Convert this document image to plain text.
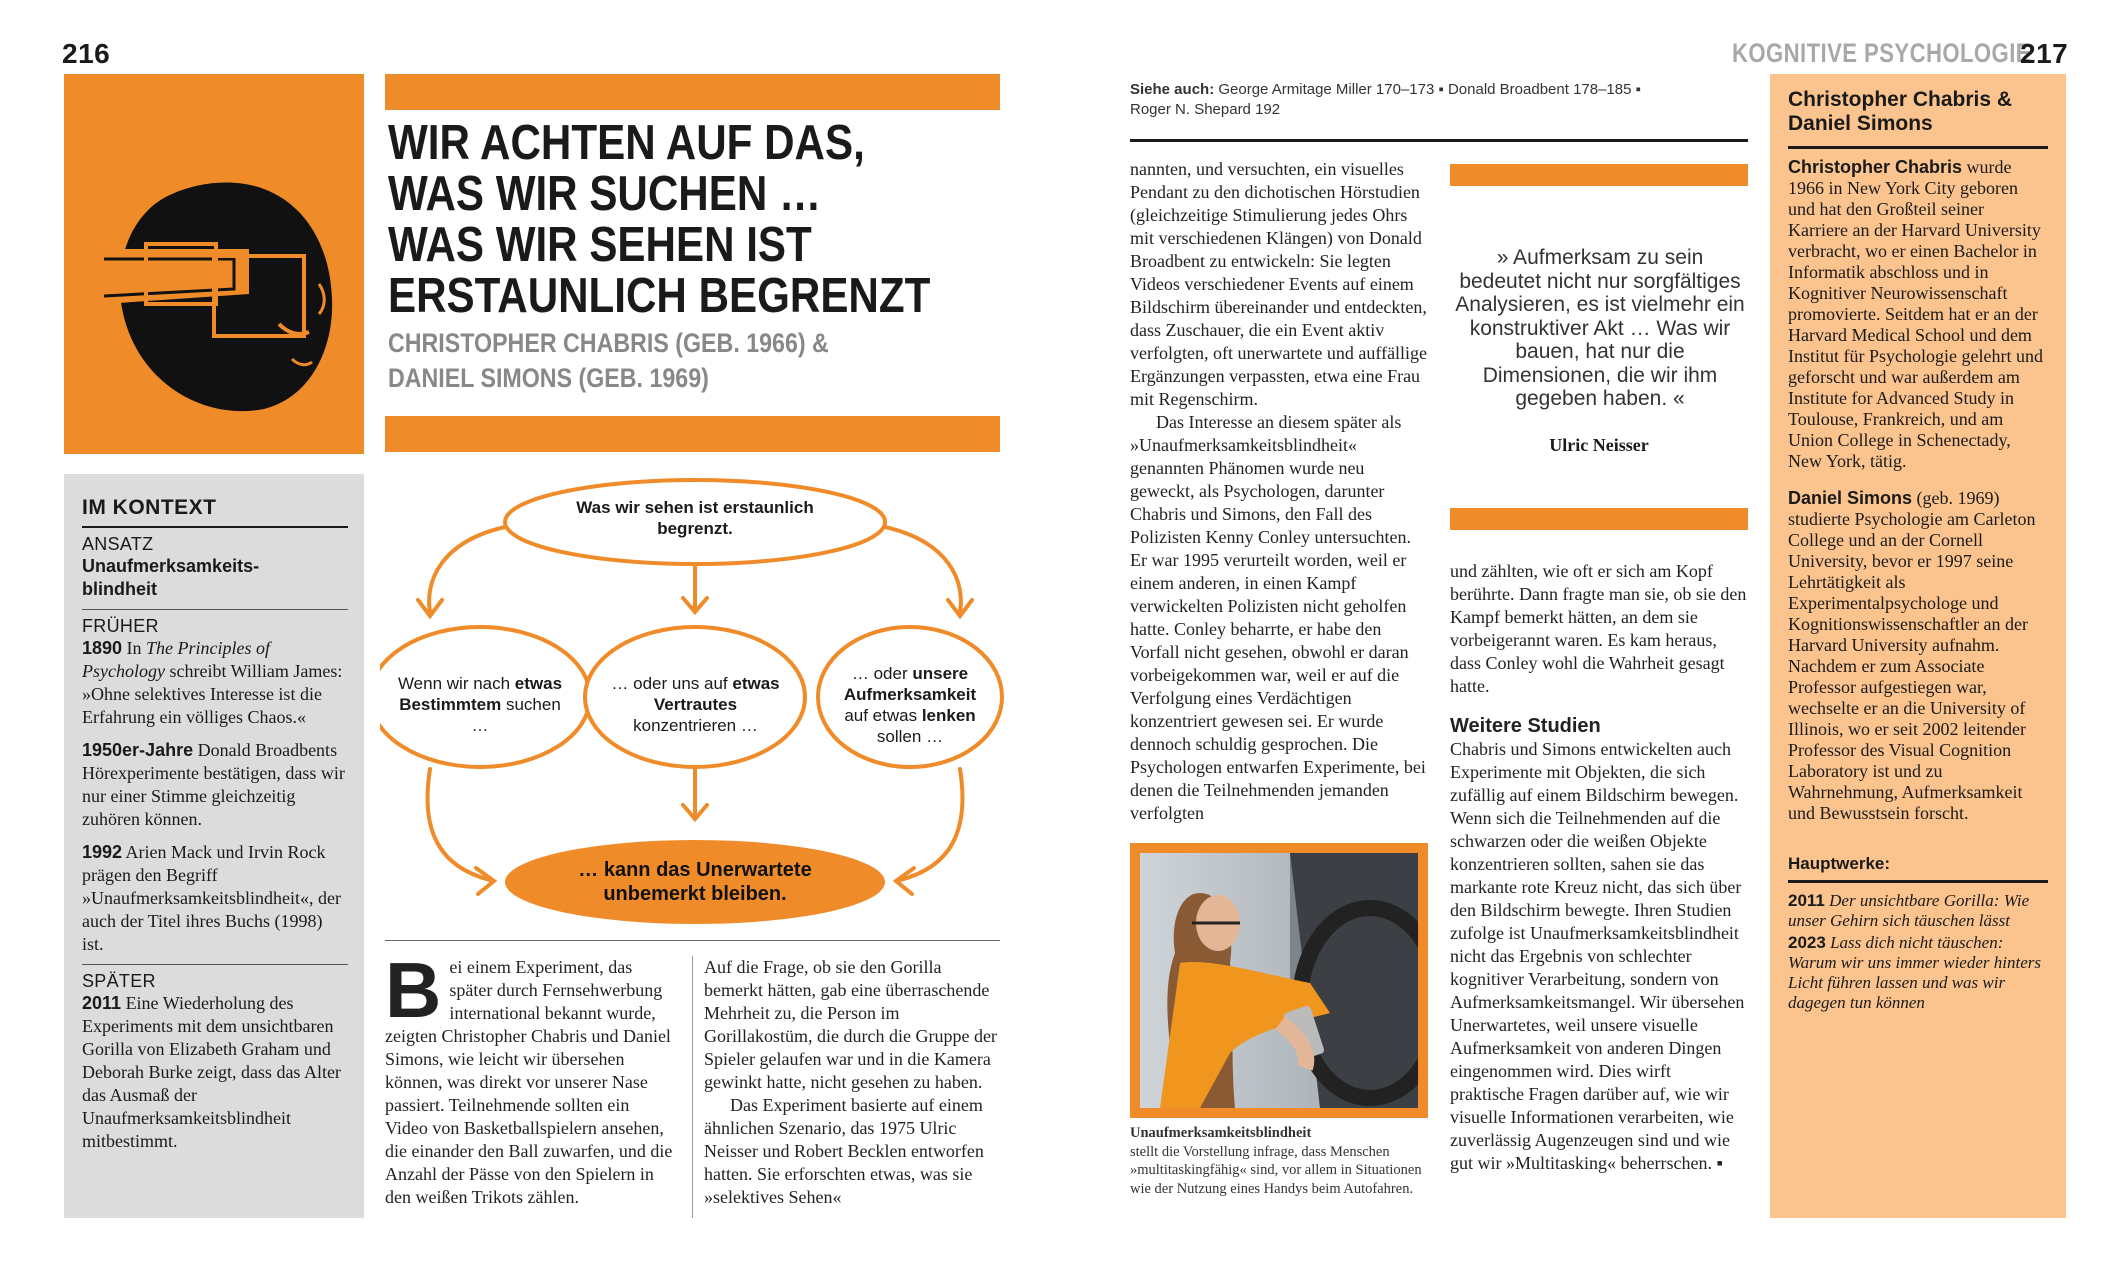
216
WIR ACHTEN AUF DAS,
WAS WIR SUCHEN …
WAS WIR SEHEN IST
ERSTAUNLICH BEGRENZT
CHRISTOPHER CHABRIS (GEB. 1966) &
DANIEL SIMONS (GEB. 1969)
IM KONTEXT
ANSATZ
Unaufmerksamkeits-
blindheit
FRÜHER
1890 In The Principles of Psychology schreibt William James: »Ohne selektives Interesse ist die Erfahrung ein völliges Chaos.«
1950er-Jahre Donald Broadbents Hörexperimente bestätigen, dass wir nur einer Stimme gleichzeitig zuhören können.
1992 Arien Mack und Irvin Rock prägen den Begriff »Unaufmerksamkeitsblindheit«, der auch der Titel ihres Buchs (1998) ist.
SPÄTER
2011 Eine Wiederholung des Experiments mit dem unsichtbaren Gorilla von Elizabeth Graham und Deborah Burke zeigt, dass das Alter das Ausmaß der Unaufmerksamkeitsblindheit mitbestimmt.
Was wir sehen ist erstaunlich begrenzt.
Wenn wir nach etwas Bestimmtem suchen …
… oder uns auf etwas Vertrautes konzentrieren …
… oder unsere Aufmerksamkeit auf etwas lenken sollen …
… kann das Unerwartete unbemerkt bleiben.
B ei einem Experiment, das später durch Fernsehwerbung international bekannt wurde, zeigten Christopher Chabris und Daniel Simons, wie leicht wir übersehen können, was direkt vor unserer Nase passiert. Teilnehmende sollten ein Video von Basketballspielern ansehen, die einander den Ball zuwarfen, und die Anzahl der Pässe von den Spielern in den weißen Trikots zählen.

Auf die Frage, ob sie den Gorilla bemerkt hätten, gab eine überraschende Mehrheit zu, die Person im Gorillakostüm, die durch die Gruppe der Spieler gelaufen war und in die Kamera gewinkt hatte, nicht gesehen zu haben.

Das Experiment basierte auf einem ähnlichen Szenario, das 1975 Ulric Neisser und Robert Becklen entworfen hatten. Sie erforschten etwas, was sie »selektives Sehen«

KOGNITIVE PSYCHOLOGIE
217
Siehe auch: George Armitage Miller 170–173 ▪ Donald Broadbent 178–185 ▪
Roger N. Shepard 192

nannten, und versuchten, ein visuelles Pendant zu den dichotischen Hörstudien (gleichzeitige Stimulierung jedes Ohrs mit verschiedenen Klängen) von Donald Broadbent zu entwickeln: Sie legten Videos verschiedener Events auf einem Bildschirm übereinander und entdeckten, dass Zuschauer, die ein Event aktiv verfolgten, oft unerwartete und auffällige Ergänzungen verpassten, etwa eine Frau mit Regenschirm.

Das Interesse an diesem später als »Unaufmerksamkeitsblindheit« genannten Phänomen wurde neu geweckt, als Psychologen, darunter Chabris und Simons, den Fall des Polizisten Kenny Conley untersuchten. Er war 1995 verurteilt worden, weil er einem anderen, in einen Kampf verwickelten Polizisten nicht geholfen hatte. Conley beharrte, er habe den Vorfall nicht gesehen, obwohl er daran vorbeigekommen war, weil er auf die Verfolgung eines Verdächtigen konzentriert gewesen sei. Er wurde dennoch schuldig gesprochen. Die Psychologen entwarfen Experimente, bei denen die Teilnehmenden jemanden verfolgten

» Aufmerksam zu sein bedeutet nicht nur sorgfältiges Analysieren, es ist vielmehr ein konstruktiver Akt … Was wir bauen, hat nur die Dimensionen, die wir ihm gegeben haben. «
Ulric Neisser
Unaufmerksamkeitsblindheit
stellt die Vorstellung infrage, dass Menschen »multitaskingfähig« sind, vor allem in Situationen wie der Nutzung eines Handys beim Autofahren.

und zählten, wie oft er sich am Kopf berührte. Dann fragte man sie, ob sie den Kampf bemerkt hätten, an dem sie vorbeigerannt waren. Es kam heraus, dass Conley wohl die Wahrheit gesagt hatte.

Weitere Studien

Chabris und Simons entwickelten auch Experimente mit Objekten, die sich zufällig auf einem Bildschirm bewegen. Wenn sich die Teilnehmenden auf die schwarzen oder die weißen Objekte konzentrieren sollten, sahen sie das markante rote Kreuz nicht, das sich über den Bildschirm bewegte. Ihren Studien zufolge ist Unaufmerksamkeitsblindheit nicht das Ergebnis von schlechter kognitiver Verarbeitung, sondern von Aufmerksamkeitsmangel. Wir übersehen Unerwartetes, weil unsere visuelle Aufmerksamkeit von anderen Dingen eingenommen wird. Dies wirft praktische Fragen darüber auf, wie wir visuelle Informationen verarbeiten, wie zuverlässig Augenzeugen sind und wie gut wir »Multitasking« beherrschen. ▪

Christopher Chabris & Daniel Simons
Christopher Chabris wurde 1966 in New York City geboren und hat den Großteil seiner Karriere an der Harvard University verbracht, wo er einen Bachelor in Informatik abschloss und in Kognitiver Neurowissenschaft promovierte. Seitdem hat er an der Harvard Medical School und dem Institut für Psychologie gelehrt und geforscht und war außerdem am Institute for Advanced Study in Toulouse, Frankreich, und am Union College in Schenectady, New York, tätig.
Daniel Simons (geb. 1969) studierte Psychologie am Carleton College und an der Cornell University, bevor er 1997 seine Lehrtätigkeit als Experimentalpsychologe und Kognitionswissenschaftler an der Harvard University aufnahm. Nachdem er zum Associate Professor aufgestiegen war, wechselte er an die University of Illinois, wo er seit 2002 leitender Professor des Visual Cognition Laboratory ist und zu Wahrnehmung, Aufmerksamkeit und Bewusstsein forscht.
Hauptwerke:
2011 Der unsichtbare Gorilla: Wie unser Gehirn sich täuschen lässt
2023 Lass dich nicht täuschen: Warum wir uns immer wieder hinters Licht führen lassen und was wir dagegen tun können
